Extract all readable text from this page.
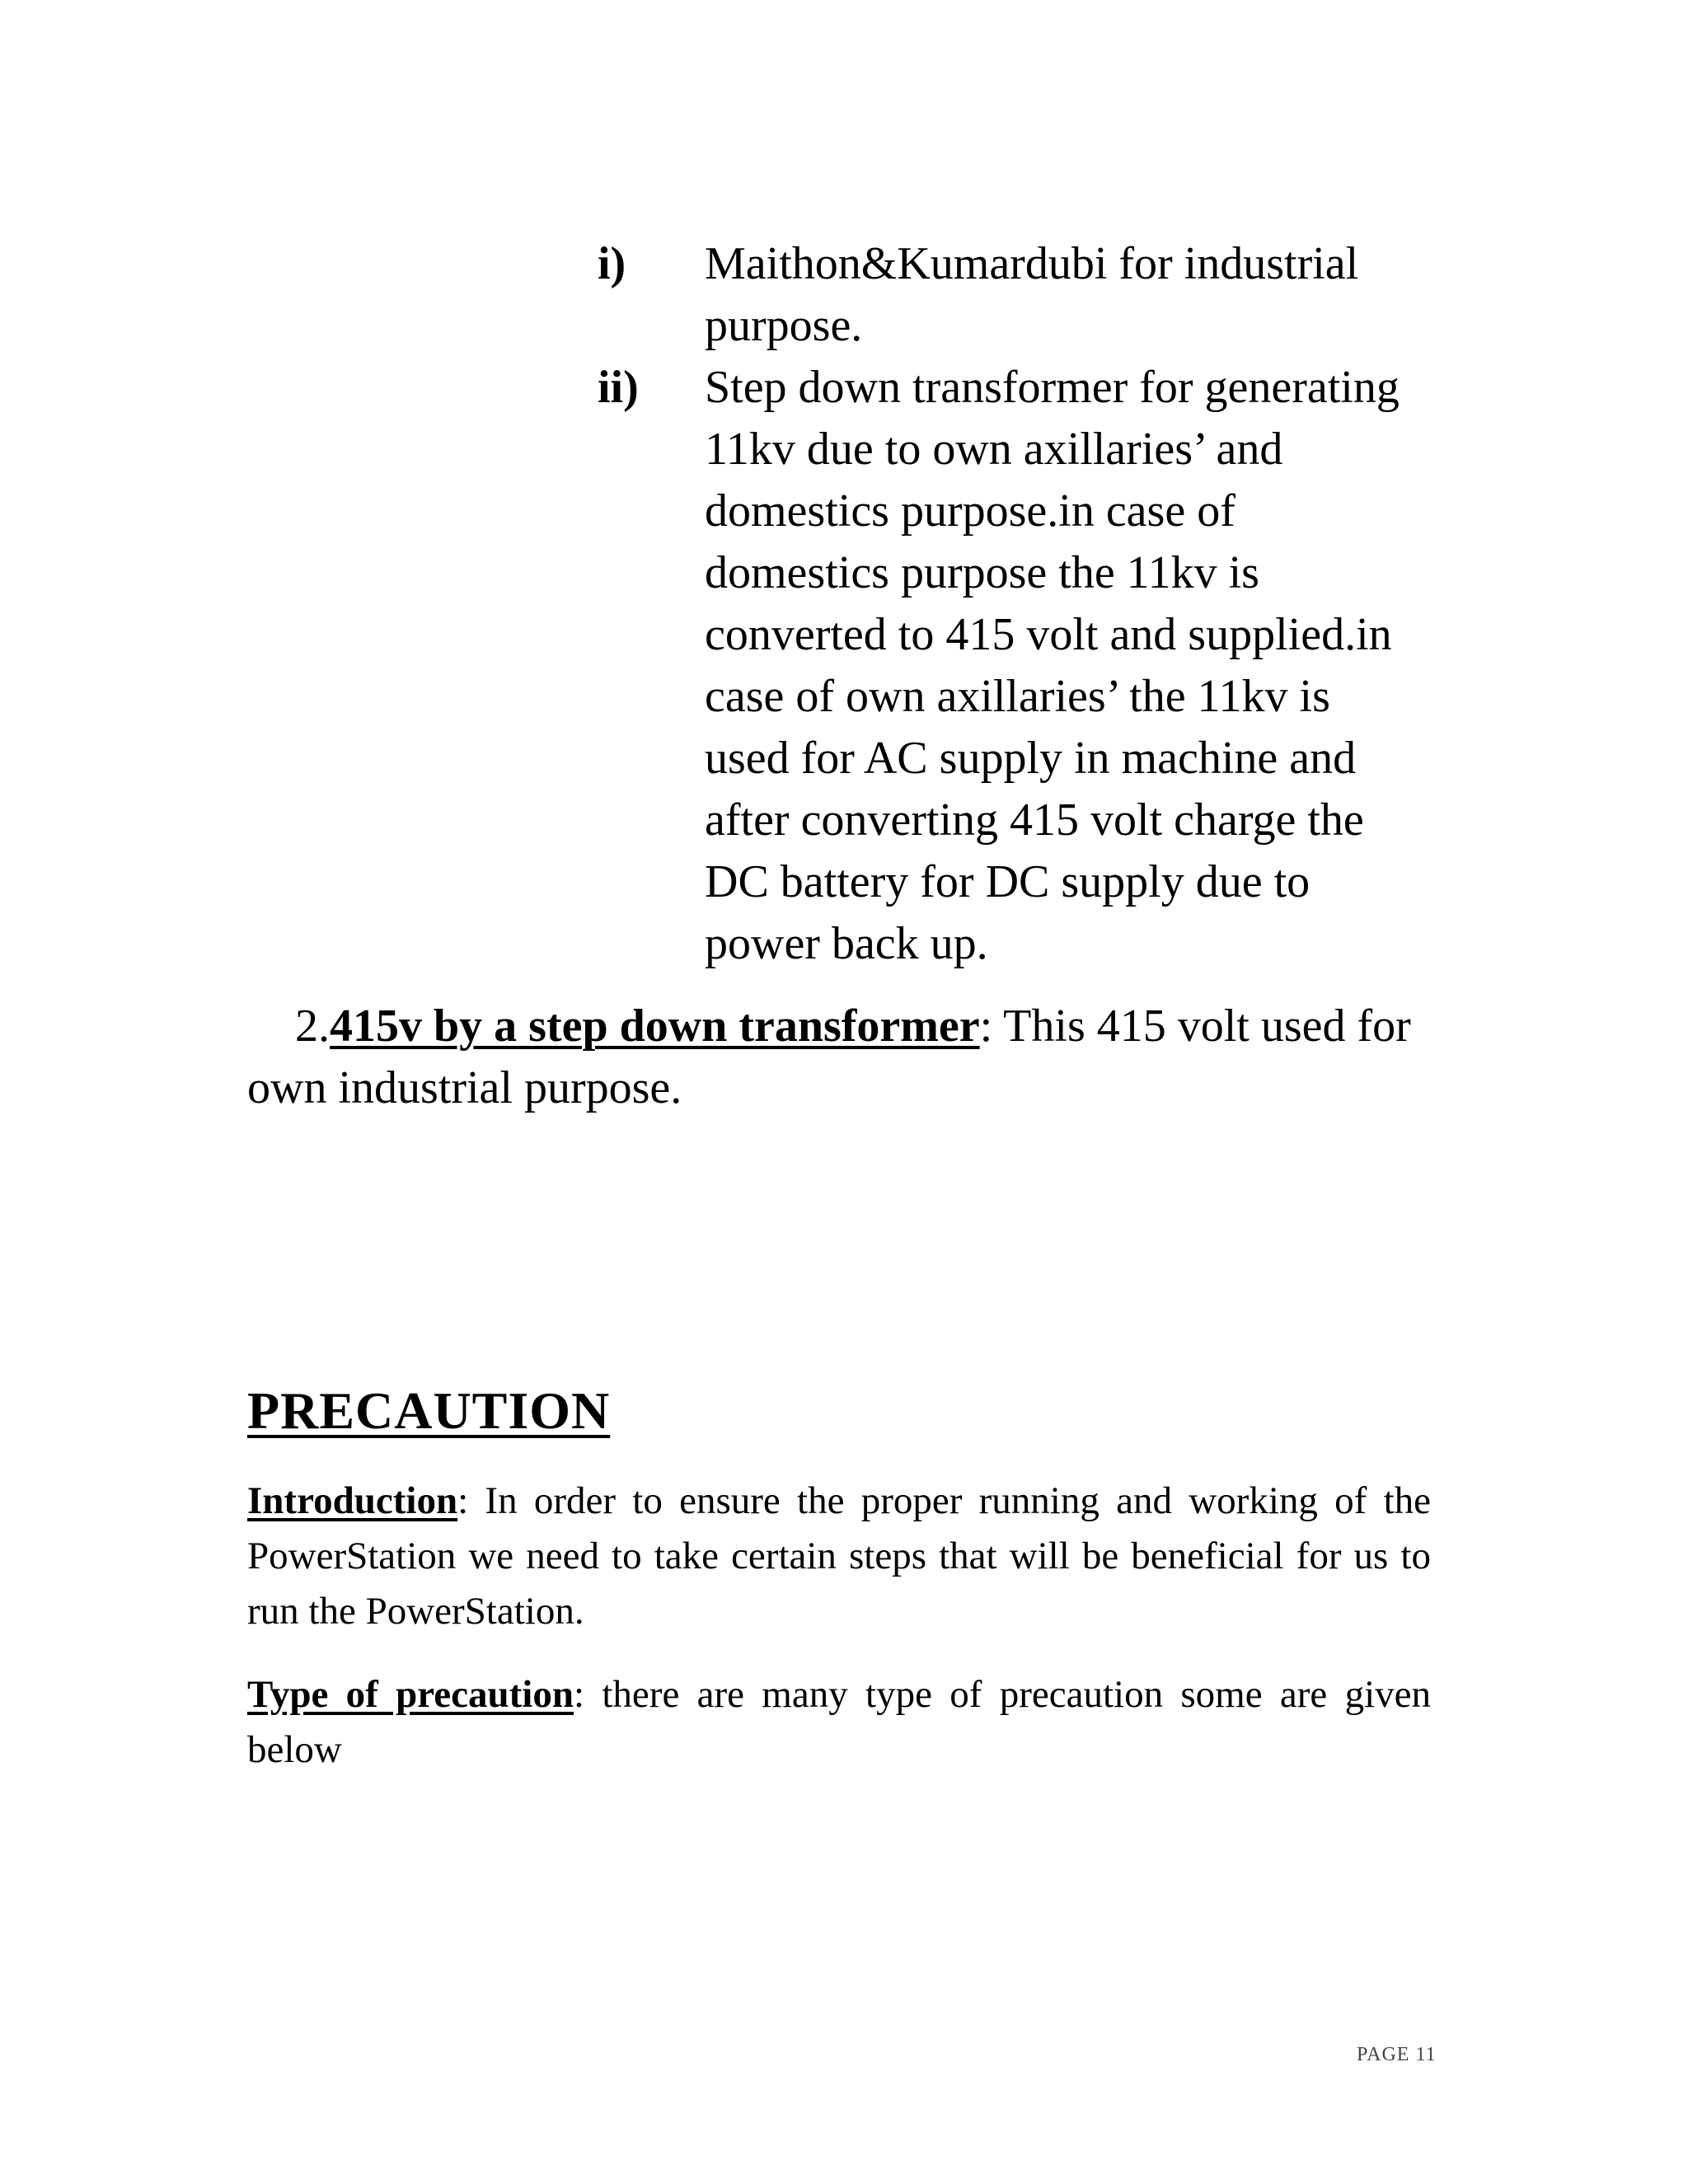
i)	Maithon&Kumardubi for industrial purpose.
ii)	Step down transformer for generating 11kv due to own axillaries’ and domestics purpose.in case of domestics purpose the 11kv is converted to 415 volt and supplied.in case of own axillaries’ the 11kv is used for AC supply in machine and after converting 415 volt charge the DC battery for DC supply due to power back up.

2.415v by a step down transformer: This 415 volt used for own industrial purpose.

PRECAUTION

Introduction: In order to ensure the proper running and working of the PowerStation we need to take certain steps that will be beneficial for us to run the PowerStation.

Type of precaution: there are many type of precaution some are given below

PAGE 11
